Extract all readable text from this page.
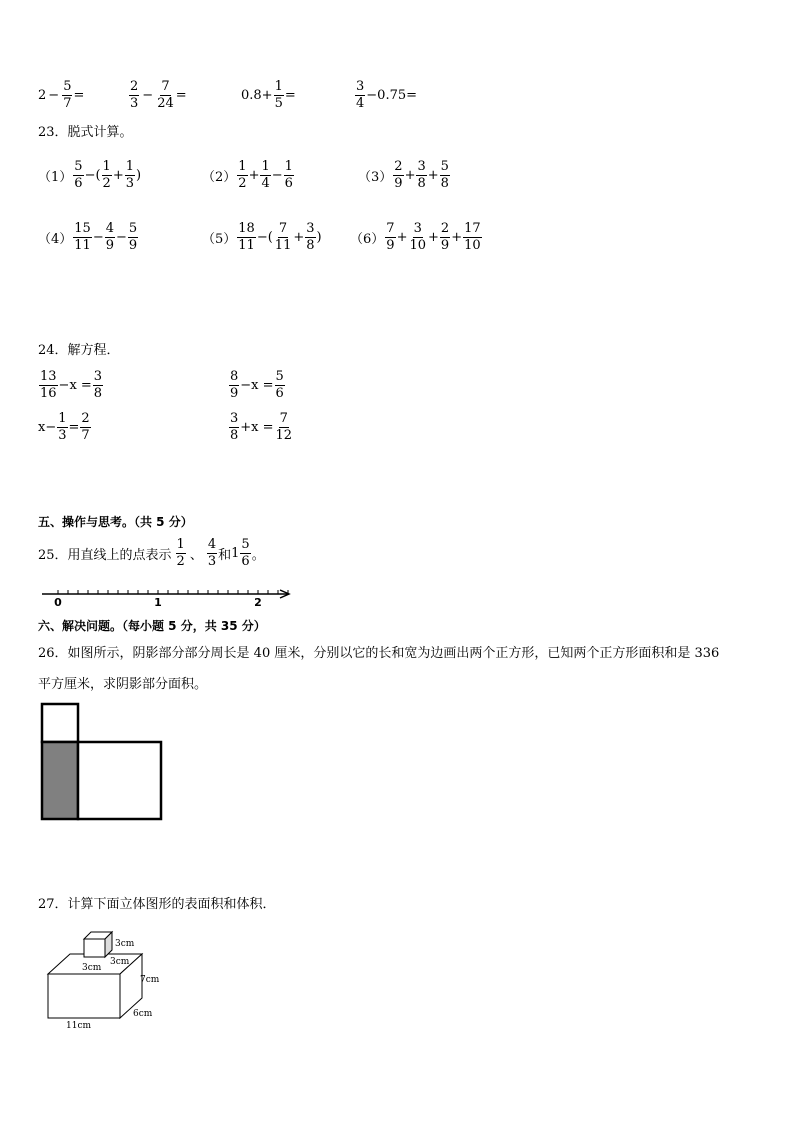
$2 - \frac{5}{7}$ =	$\frac{2}{3} - \frac{7}{24}$ =	$0.8+ \frac{1}{5}$ =	$\frac{3}{4} -0.75=$
23．脱式计算。
$(1) \frac{5}{6}$ −( $\frac{1}{2} + \frac{1}{3}$ )	$(2) \frac{1}{2} + \frac{1}{4} - \frac{1}{6}$	$(3) \frac{2}{9} + \frac{3}{8} + \frac{5}{8}$
$(4) \frac{15}{11} - \frac{4}{9} - \frac{5}{9}$	$(5) \frac{18}{11}$ −( $\frac{7}{11} + \frac{3}{8}$ ) $(6) \frac{7}{9} + \frac{3}{10} + \frac{2}{9} + \frac{17}{10}$
24．解方程．
$\frac{13}{16} -x = \frac{3}{8}$	$\frac{8}{9} -x = \frac{5}{6}$
$x- \frac{1}{3} = \frac{2}{7}$	$\frac{3}{8} +x = \frac{7}{12}$
五、操作与思考。（共 5 分）
25．用直线上的点表示 $\frac{1}{2}$ 、 $\frac{4}{3}$ 和 $1 \frac{5}{6}$ 。
0	1	2
六、解决问题。（每小题 5 分，共 35 分）
26．如图所示，阴影部分部分周长是 40 厘米，分别以它的长和宽为边画出两个正方形，已知两个正方形面积和是 336
平方厘米，求阴影部分面积。
27．计算下面立体图形的表面积和体积．
3cm
3cm
3cm
7cm
6cm
11cm
